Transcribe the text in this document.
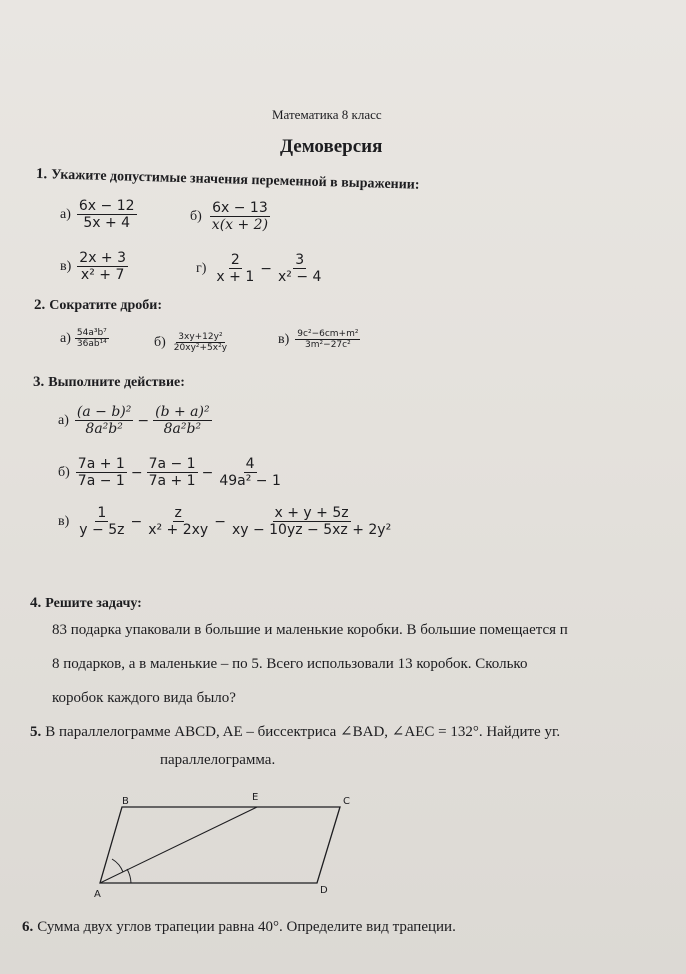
Математика 8 класс
Демоверсия
1. Укажите допустимые значения переменной в выражении:
$а) \frac{6x - 12}{5x + 4}$	$б) \frac{6x - 13}{x(x + 2)}$
$в) \frac{2x + 3}{\text{x² + 7}}$	$г) \frac{2}{x + 1} - \frac{3}{\text{x² − 4}}$
2. Сократите дроби:
$а) \frac{\text{54a³b⁷}}{\text{36ab¹⁴}}$	$б) \frac{\text{3xy+12y²}}{\text{20xy²+5x²y}}$	$в) \frac{\text{9c²−6cm+m²}}{\text{3m²−27c²}}$
3. Выполните действие:
$а) \frac{\text{(a − b)²}}{\text{8a²b²}} - \frac{\text{(b + a)²}}{\text{8a²b²}}$
$б) \frac{7a + 1}{7a - 1} - \frac{7a - 1}{7a + 1} - \frac{4}{\text{49a² − 1}}$
$в) \frac{1}{y - 5z} - \frac{z}{\text{x² + 2xy}} - \frac{x + y + 5z}{\text{xy − 10yz − 5xz + 2y²}}$
4. Решите задачу:
83 подарка упаковали в большие и маленькие коробки. В большие помещается п
8 подарков, а в маленькие – по 5. Всего использовали 13 коробок. Сколько
коробок каждого вида было?
5. В параллелограмме ABCD, AE – биссектриса ∠BAD, ∠AEC = 132°. Найдите уг.
параллелограмма.
B	E	C
A	D
6. Сумма двух углов трапеции равна 40°. Определите вид трапеции.
